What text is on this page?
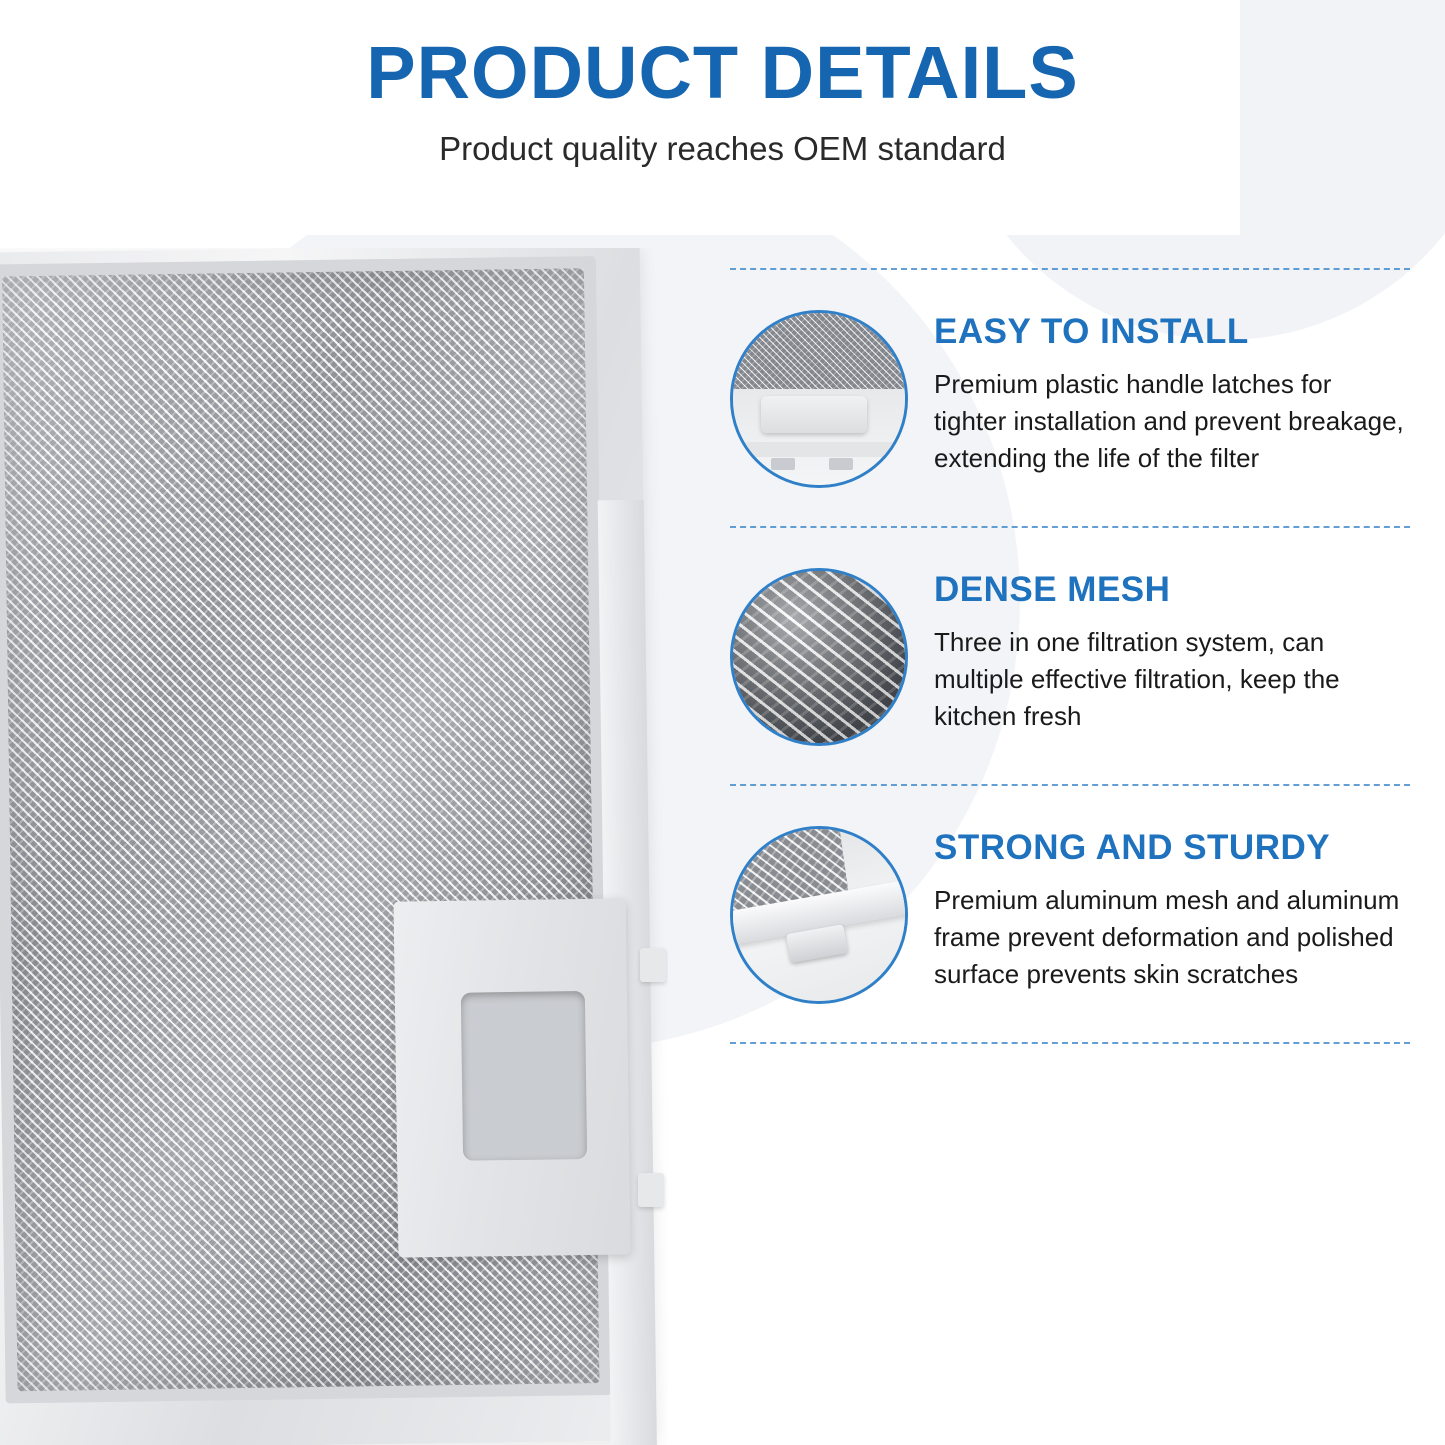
PRODUCT DETAILS
Product quality reaches OEM standard
EASY TO INSTALL
Premium plastic handle latches for tighter installation and prevent breakage, extending the life of the filter
DENSE MESH
Three in one filtration system, can multiple effective filtration, keep the kitchen fresh
STRONG AND STURDY
Premium aluminum mesh and aluminum frame prevent deformation and polished surface prevents skin scratches
